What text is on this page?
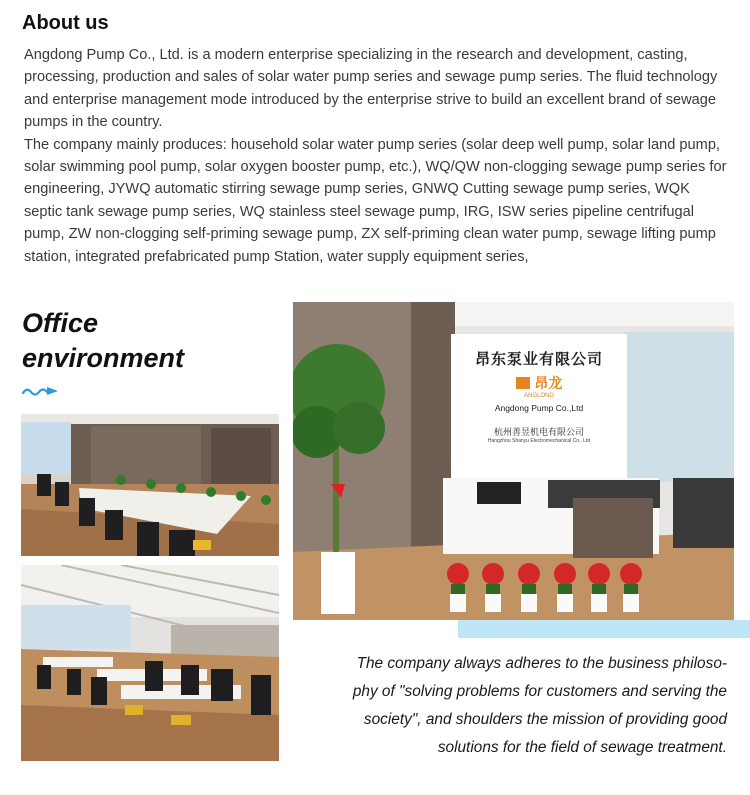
About us

Angdong Pump Co., Ltd. is a modern enterprise specializing in the research and development, casting, processing, production and sales of solar water pump series and sewage pump series. The fluid technology and enterprise management mode introduced by the enterprise strive to build an excellent brand of sewage pumps in the country.

The company mainly produces: household solar water pump series (solar deep well pump, solar land pump, solar swimming pool pump, solar oxygen booster pump, etc.), WQ/QW non-clogging sewage pump series for engineering, JYWQ automatic stirring sewage pump series, GNWQ Cutting sewage pump series, WQK septic tank sewage pump series, WQ stainless steel sewage pump, IRG, ISW series pipeline centrifugal pump, ZW non-clogging self-priming sewage pump, ZX self-priming clean water pump, sewage lifting pump station, integrated prefabricated pump Station, water supply equipment series,

Office
environment	昂东泵业有限公司
昂龙
ANGLONG
Angdong Pump Co.,Ltd
杭州善昱机电有限公司
Hangzhou Shanyu Electromechanical Co., Ltd

The company always adheres to the business philoso-

phy of "solving problems for customers and serving the

society", and shoulders the mission of providing good

solutions for the field of sewage treatment.
